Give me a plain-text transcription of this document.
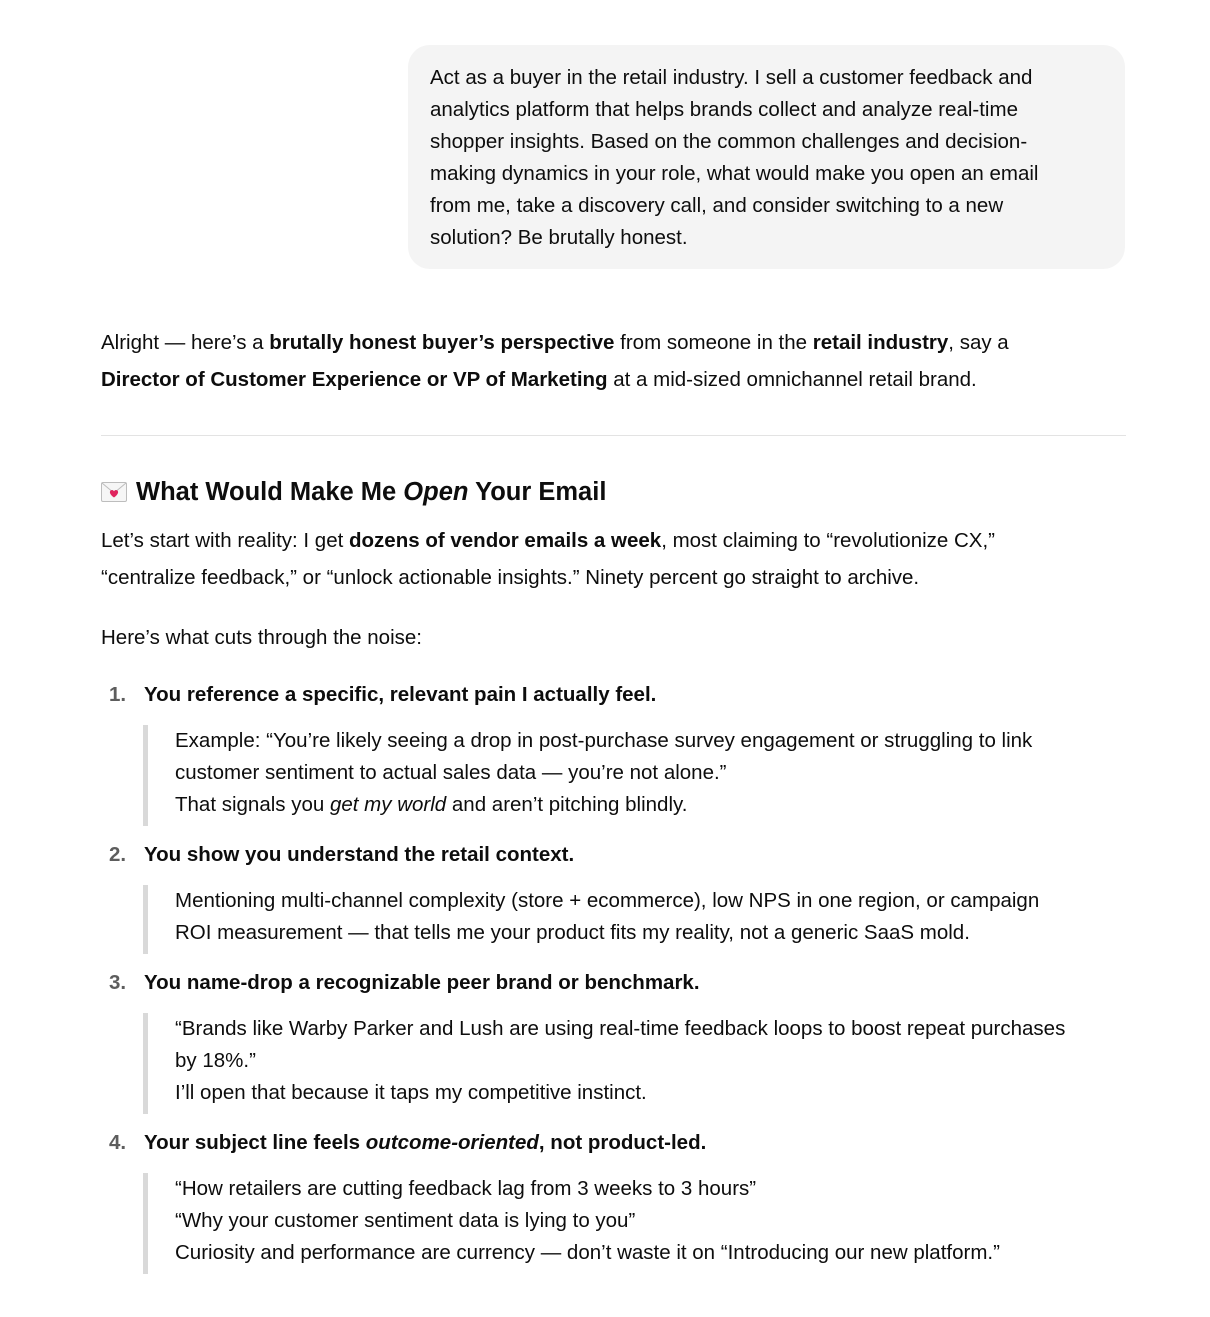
Act as a buyer in the retail industry. I sell a customer feedback and
analytics platform that helps brands collect and analyze real-time
shopper insights. Based on the common challenges and decision-
making dynamics in your role, what would make you open an email
from me, take a discovery call, and consider switching to a new
solution? Be brutally honest.

Alright — here’s a brutally honest buyer’s perspective from someone in the retail industry, say a
Director of Customer Experience or VP of Marketing at a mid-sized omnichannel retail brand.

What Would Make Me Open Your Email

Let’s start with reality: I get dozens of vendor emails a week, most claiming to “revolutionize CX,”
“centralize feedback,” or “unlock actionable insights.” Ninety percent go straight to archive.

Here’s what cuts through the noise:

1. You reference a specific, relevant pain I actually feel.
Example: “You’re likely seeing a drop in post-purchase survey engagement or struggling to link
customer sentiment to actual sales data — you’re not alone.”
That signals you get my world and aren’t pitching blindly.
2. You show you understand the retail context.
Mentioning multi-channel complexity (store + ecommerce), low NPS in one region, or campaign
ROI measurement — that tells me your product fits my reality, not a generic SaaS mold.
3. You name-drop a recognizable peer brand or benchmark.
“Brands like Warby Parker and Lush are using real-time feedback loops to boost repeat purchases
by 18%.”
I’ll open that because it taps my competitive instinct.
4. Your subject line feels outcome-oriented, not product-led.
“How retailers are cutting feedback lag from 3 weeks to 3 hours”
“Why your customer sentiment data is lying to you”
Curiosity and performance are currency — don’t waste it on “Introducing our new platform.”
